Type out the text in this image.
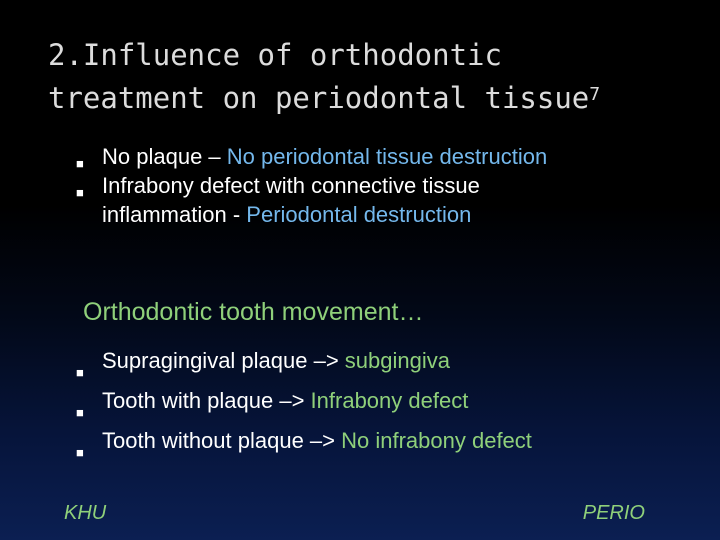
2.Influence of orthodontic
treatment on periodontal tissue$^7$
■ No plaque – No periodontal tissue destruction
■ Infrabony defect with connective tissue
inflammation - Periodontal destruction
Orthodontic tooth movement…
■ Supragingival plaque –> subgingiva
■ Tooth with plaque –> Infrabony defect
■ Tooth without plaque –> No infrabony defect
KHU	PERIO
